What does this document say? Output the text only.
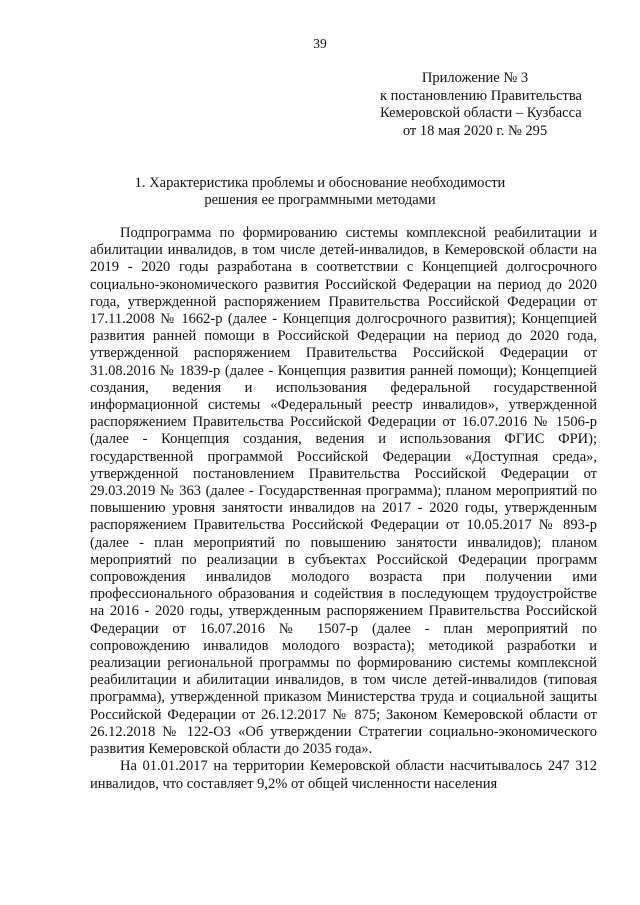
39
Приложение № 3
к постановлению Правительства
Кемеровской области – Кузбасса
от 18 мая 2020 г. № 295
1. Характеристика проблемы и обоснование необходимости
решения ее программными методами

Подпрограмма по формированию системы комплексной реабилитации и абилитации инвалидов, в том числе детей-инвалидов, в Кемеровской области на 2019 - 2020 годы разработана в соответствии с Концепцией долгосрочного социально-экономического развития Российской Федерации на период до 2020 года, утвержденной распоряжением Правительства Российской Федерации от 17.11.2008 № 1662-р (далее - Концепция долгосрочного развития); Концепцией развития ранней помощи в Российской Федерации на период до 2020 года, утвержденной распоряжением Правительства Российской Федерации от 31.08.2016 № 1839-р (далее - Концепция развития ранней помощи); Концепцией создания, ведения и использования федеральной государственной информационной системы «Федеральный реестр инвалидов», утвержденной распоряжением Правительства Российской Федерации от 16.07.2016 № 1506-р (далее - Концепция создания, ведения и использования ФГИС ФРИ); государственной программой Российской Федерации «Доступная среда», утвержденной постановлением Правительства Российской Федерации от 29.03.2019 № 363 (далее - Государственная программа); планом мероприятий по повышению уровня занятости инвалидов на 2017 - 2020 годы, утвержденным распоряжением Правительства Российской Федерации от 10.05.2017 № 893-р (далее - план мероприятий по повышению занятости инвалидов); планом мероприятий по реализации в субъектах Российской Федерации программ сопровождения инвалидов молодого возраста при получении ими профессионального образования и содействия в последующем трудоустройстве на 2016 - 2020 годы, утвержденным распоряжением Правительства Российской Федерации от 16.07.2016 № 1507-р (далее - план мероприятий по сопровождению инвалидов молодого возраста); методикой разработки и реализации региональной программы по формированию системы комплексной реабилитации и абилитации инвалидов, в том числе детей-инвалидов (типовая программа), утвержденной приказом Министерства труда и социальной защиты Российской Федерации от 26.12.2017 № 875; Законом Кемеровской области от 26.12.2018 № 122-ОЗ «Об утверждении Стратегии социально-экономического развития Кемеровской области до 2035 года».

На 01.01.2017 на территории Кемеровской области насчитывалось 247 312 инвалидов, что составляет 9,2% от общей численности населения
